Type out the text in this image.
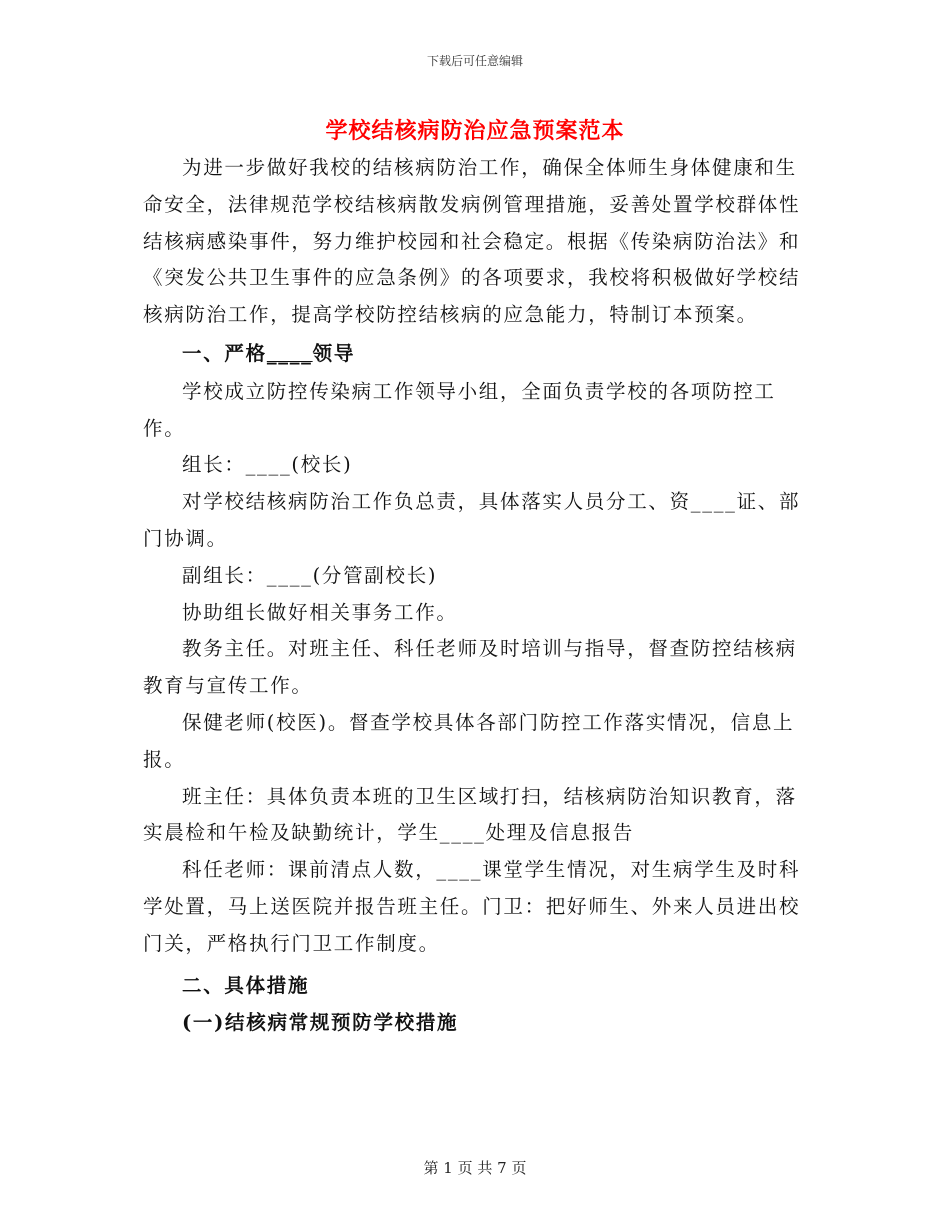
下载后可任意编辑
学校结核病防治应急预案范本

为进一步做好我校的结核病防治工作，确保全体师生身体健康和生命安全，法律规范学校结核病散发病例管理措施，妥善处置学校群体性结核病感染事件，努力维护校园和社会稳定。根据《传染病防治法》和《突发公共卫生事件的应急条例》的各项要求，我校将积极做好学校结核病防治工作，提高学校防控结核病的应急能力，特制订本预案。

一、严格____领导

学校成立防控传染病工作领导小组，全面负责学校的各项防控工作。

组长：____(校长)

对学校结核病防治工作负总责，具体落实人员分工、资____证、部门协调。

副组长：____(分管副校长)

协助组长做好相关事务工作。

教务主任。对班主任、科任老师及时培训与指导，督查防控结核病教育与宣传工作。

保健老师(校医)。督查学校具体各部门防控工作落实情况，信息上报。

班主任：具体负责本班的卫生区域打扫，结核病防治知识教育，落实晨检和午检及缺勤统计，学生____处理及信息报告

科任老师：课前清点人数，____课堂学生情况，对生病学生及时科学处置，马上送医院并报告班主任。门卫：把好师生、外来人员进出校门关，严格执行门卫工作制度。

二、具体措施
(一)结核病常规预防学校措施
第 1 页 共 7 页
